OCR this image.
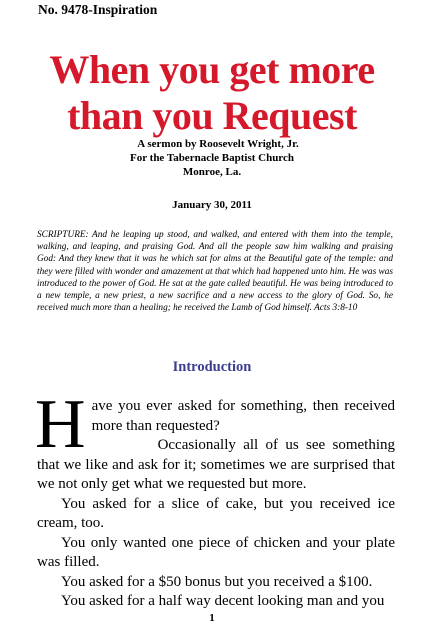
No. 9478-Inspiration
When you get more
than you Request
A sermon by Roosevelt Wright, Jr.
For the Tabernacle Baptist Church
Monroe, La.
January 30, 2011
SCRIPTURE: And he leaping up stood, and walked, and entered with them into the temple, walking, and leaping, and praising God. And all the people saw him walking and praising God: And they knew that it was he which sat for alms at the Beautiful gate of the temple: and they were filled with wonder and amazement at that which had happened unto him. He was was introduced to the power of God. He sat at the gate called beautiful. He was being introduced to a new temple, a new priest, a new sacrifice and a new access to the glory of God. So, he received much more than a healing; he received the Lamb of God himself. Acts 3:8-10
Introduction
H ave you ever asked for something, then received more than requested?

Occasionally all of us see something that we like and ask for it; sometimes we are surprised that we not only get what we requested but more.

You asked for a slice of cake, but you received ice cream, too.

You only wanted one piece of chicken and your plate was filled.

You asked for a $50 bonus but you received a $100.

You asked for a half way decent looking man and you

1
